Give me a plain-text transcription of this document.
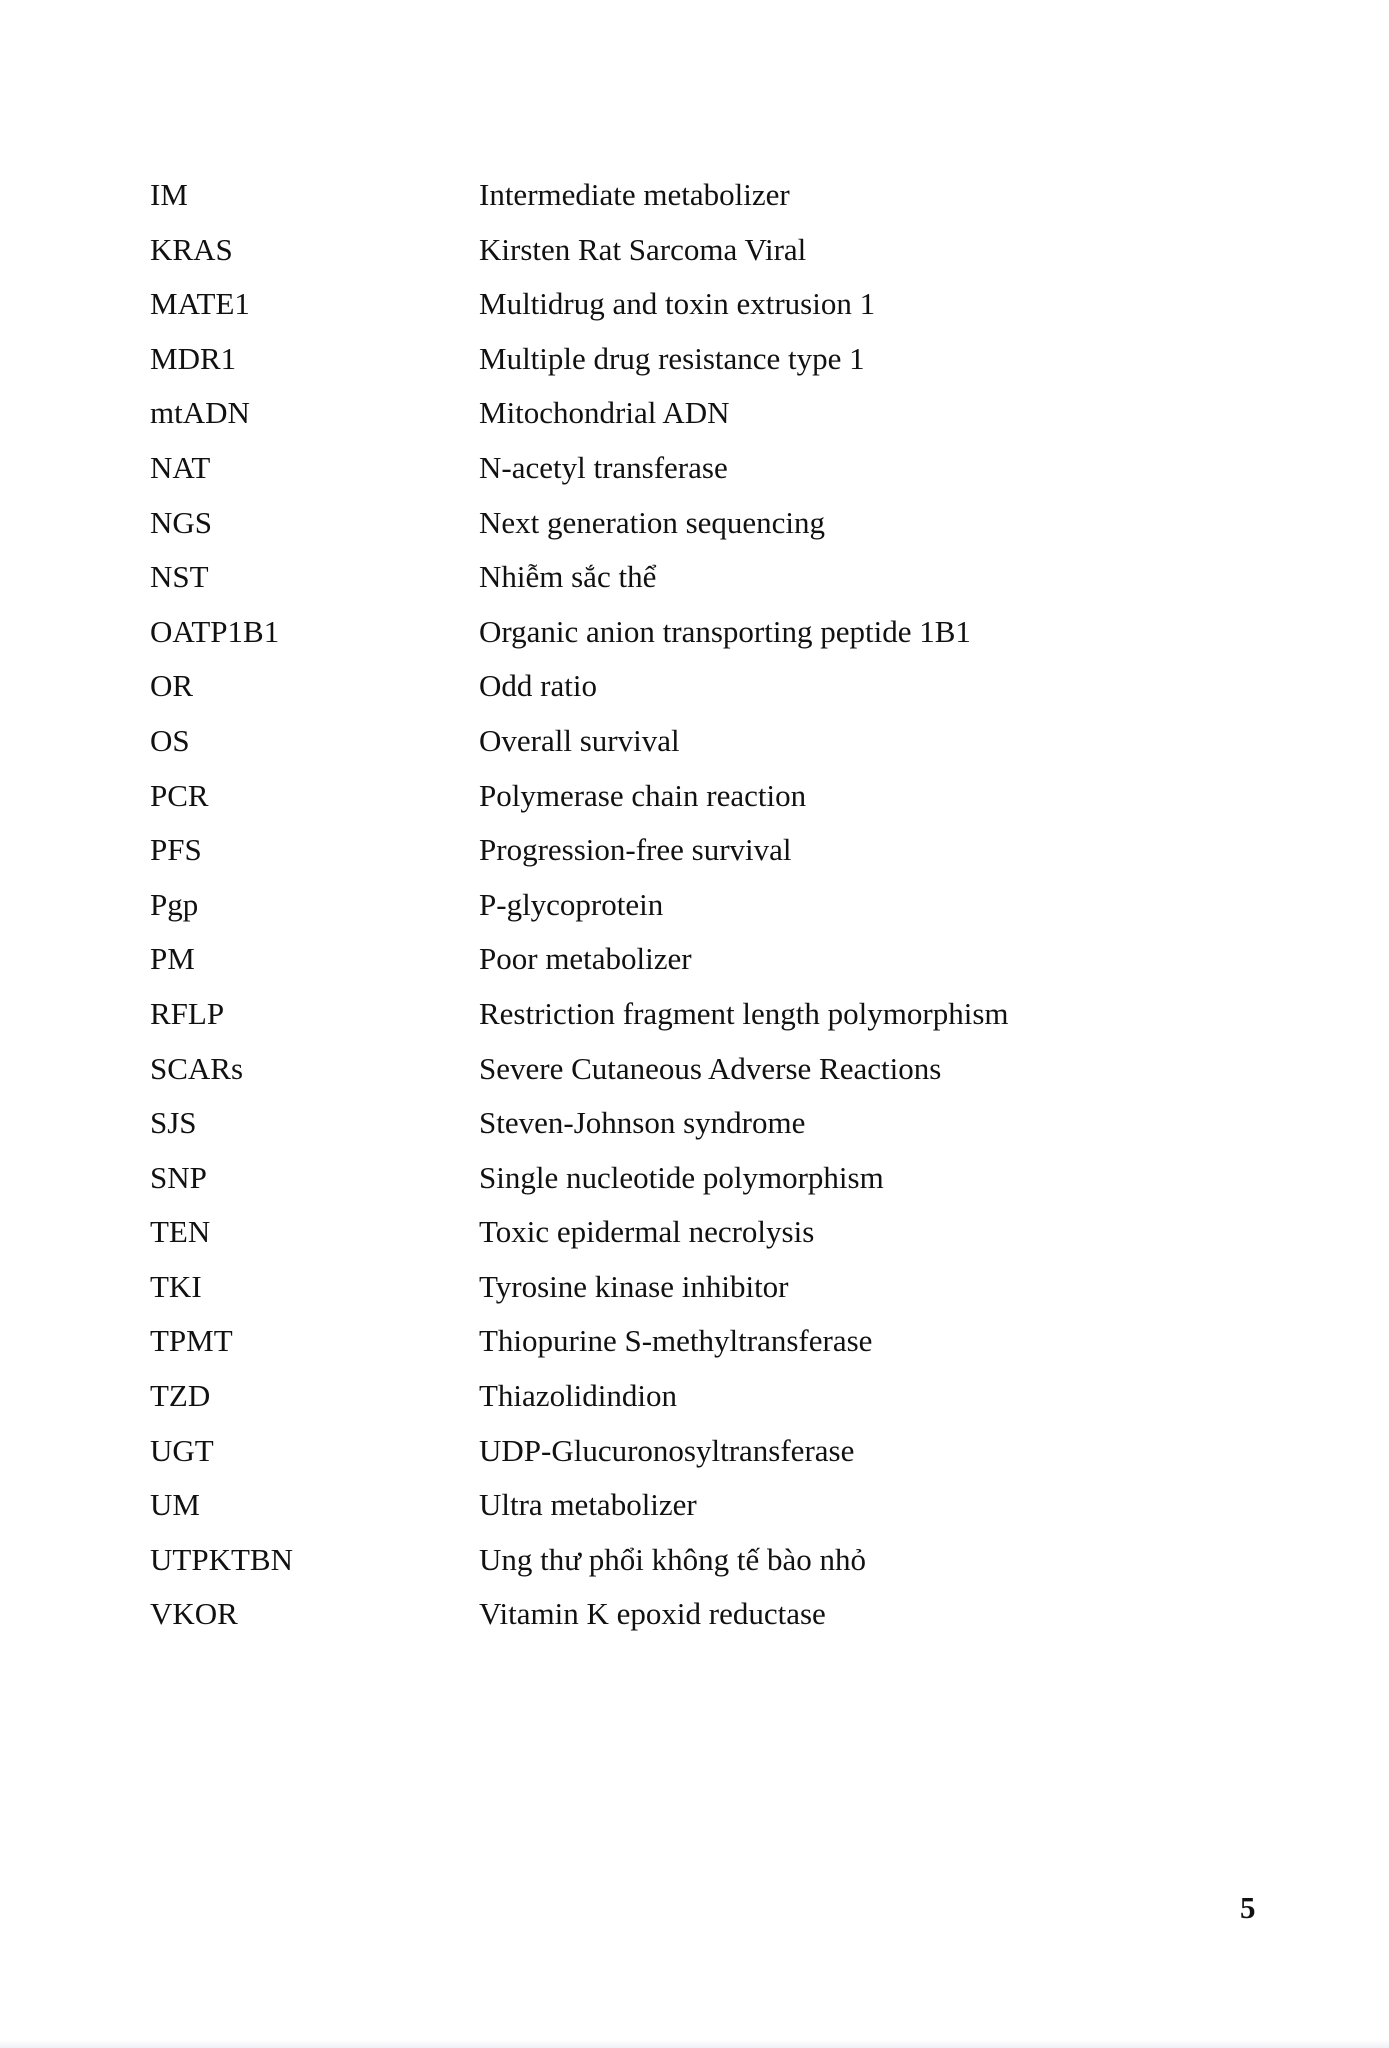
IM	Intermediate metabolizer
KRAS	Kirsten Rat Sarcoma Viral
MATE1	Multidrug and toxin extrusion 1
MDR1	Multiple drug resistance type 1
mtADN	Mitochondrial ADN
NAT	N-acetyl transferase
NGS	Next generation sequencing
NST	Nhiễm sắc thể
OATP1B1	Organic anion transporting peptide 1B1
OR	Odd ratio
OS	Overall survival
PCR	Polymerase chain reaction
PFS	Progression-free survival
Pgp	P-glycoprotein
PM	Poor metabolizer
RFLP	Restriction fragment length polymorphism
SCARs	Severe Cutaneous Adverse Reactions
SJS	Steven-Johnson syndrome
SNP	Single nucleotide polymorphism
TEN	Toxic epidermal necrolysis
TKI	Tyrosine kinase inhibitor
TPMT	Thiopurine S-methyltransferase
TZD	Thiazolidindion
UGT	UDP-Glucuronosyltransferase
UM	Ultra metabolizer
UTPKTBN	Ung thư phổi không tế bào nhỏ
VKOR	Vitamin K epoxid reductase
5
